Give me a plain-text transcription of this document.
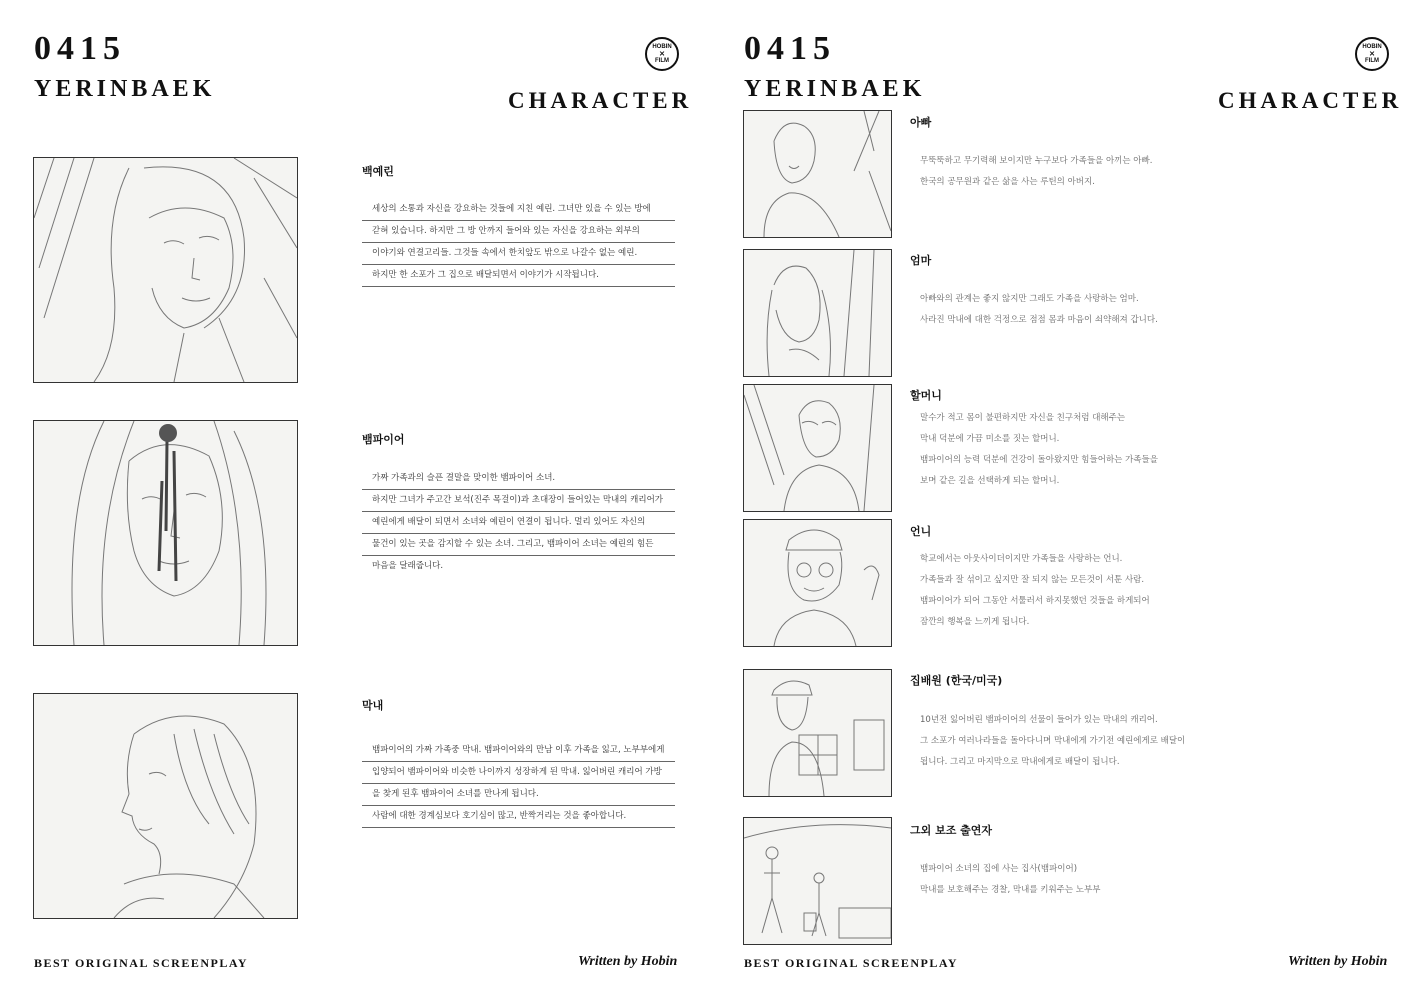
0415
YERINBAEK	CHARACTER
HOBIN
✕
FILM
백예린
세상의 소통과 자신을 강요하는 것들에 지친 예린. 그녀만 있을 수 있는 방에
갇혀 있습니다. 하지만 그 방 안까지 들어와 있는 자신을 강요하는 외부의
이야기와 연결고리들. 그것들 속에서 한치앞도 밖으로 나갈수 없는 예린.
하지만 한 소포가 그 집으로 배달되면서 이야기가 시작됩니다.
뱀파이어
가짜 가족과의 슬픈 결말을 맞이한 뱀파이어 소녀.
하지만 그녀가 주고간 보석(진주 목걸이)과 초대장이 들어있는 막내의 캐리어가
예린에게 배달이 되면서 소녀와 예린이 연결이 됩니다. 멀리 있어도 자신의
물건이 있는 곳을 감지할 수 있는 소녀. 그리고, 뱀파이어 소녀는 예린의 힘든
마음을 달래줍니다.
막내
뱀파이어의 가짜 가족중 막내. 뱀파이어와의 만남 이후 가족을 잃고, 노부부에게
입양되어 뱀파이어와 비슷한 나이까지 성장하게 된 막내. 잃어버린 캐리어 가방
을 찾게 된후 뱀파이어 소녀를 만나게 됩니다.
사람에 대한 경계심보다 호기심이 많고, 반짝거리는 것을 좋아합니다.
BEST ORIGINAL SCREENPLAY	Written by Hobin
0415
YERINBAEK	CHARACTER
HOBIN
✕
FILM
아빠
무뚝뚝하고 무기력해 보이지만 누구보다 가족들을 아끼는 아빠.
한국의 공무원과 같은 삶을 사는 루틴의 아버지.
엄마
아빠와의 관계는 좋지 않지만 그래도 가족을 사랑하는 엄마.
사라진 막내에 대한 걱정으로 점점 몸과 마음이 쇠약해져 갑니다.
할머니
말수가 적고 몸이 불편하지만 자신을 친구처럼 대해주는
막내 덕분에 가끔 미소를 짓는 할머니.
뱀파이어의 능력 덕분에 건강이 돌아왔지만 힘들어하는 가족들을
보며 같은 길을 선택하게 되는 할머니.
언니
학교에서는 아웃사이더이지만 가족들을 사랑하는 언니.
가족들과 잘 섞이고 싶지만 잘 되지 않는 모든것이 서툰 사람.
뱀파이어가 되어 그동안 서툴러서 하지못했던 것들을 하게되어
잠깐의 행복을 느끼게 됩니다.
집배원 (한국/미국)
10년전 잃어버린 뱀파이어의 선물이 들어가 있는 막내의 캐리어.
그 소포가 여러나라들을 돌아다니며 막내에게 가기전 예린에게로 배달이
됩니다. 그리고 마지막으로 막내에게로 배달이 됩니다.
그외 보조 출연자
뱀파이어 소녀의 집에 사는 집사(뱀파이어)
막내를 보호해주는 경찰, 막내를 키워주는 노부부
BEST ORIGINAL SCREENPLAY	Written by Hobin
